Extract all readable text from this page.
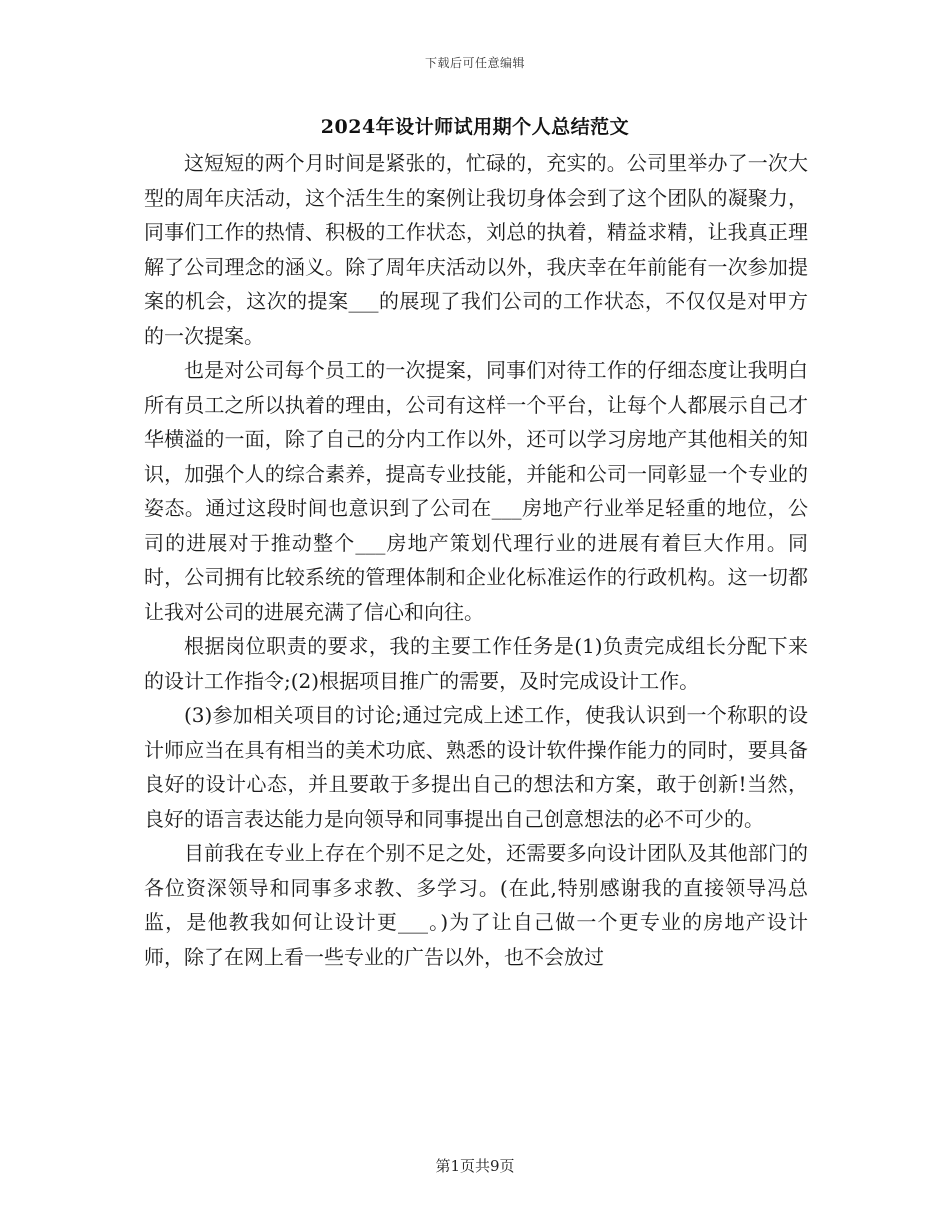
下载后可任意编辑
2024年设计师试用期个人总结范文

这短短的两个月时间是紧张的，忙碌的，充实的。公司里举办了一次大型的周年庆活动，这个活生生的案例让我切身体会到了这个团队的凝聚力，同事们工作的热情、积极的工作状态，刘总的执着，精益求精，让我真正理解了公司理念的涵义。除了周年庆活动以外，我庆幸在年前能有一次参加提案的机会，这次的提案___的展现了我们公司的工作状态，不仅仅是对甲方的一次提案。

也是对公司每个员工的一次提案，同事们对待工作的仔细态度让我明白所有员工之所以执着的理由，公司有这样一个平台，让每个人都展示自己才华横溢的一面，除了自己的分内工作以外，还可以学习房地产其他相关的知识，加强个人的综合素养，提高专业技能，并能和公司一同彰显一个专业的姿态。通过这段时间也意识到了公司在___房地产行业举足轻重的地位，公司的进展对于推动整个___房地产策划代理行业的进展有着巨大作用。同时，公司拥有比较系统的管理体制和企业化标准运作的行政机构。这一切都让我对公司的进展充满了信心和向往。

根据岗位职责的要求，我的主要工作任务是(1)负责完成组长分配下来的设计工作指令;(2)根据项目推广的需要，及时完成设计工作。

(3)参加相关项目的讨论;通过完成上述工作，使我认识到一个称职的设计师应当在具有相当的美术功底、熟悉的设计软件操作能力的同时，要具备良好的设计心态，并且要敢于多提出自己的想法和方案，敢于创新!当然，良好的语言表达能力是向领导和同事提出自己创意想法的必不可少的。

目前我在专业上存在个别不足之处，还需要多向设计团队及其他部门的各位资深领导和同事多求教、多学习。(在此,特别感谢我的直接领导冯总监，是他教我如何让设计更___。)为了让自己做一个更专业的房地产设计师，除了在网上看一些专业的广告以外，也不会放过

第1页共9页
